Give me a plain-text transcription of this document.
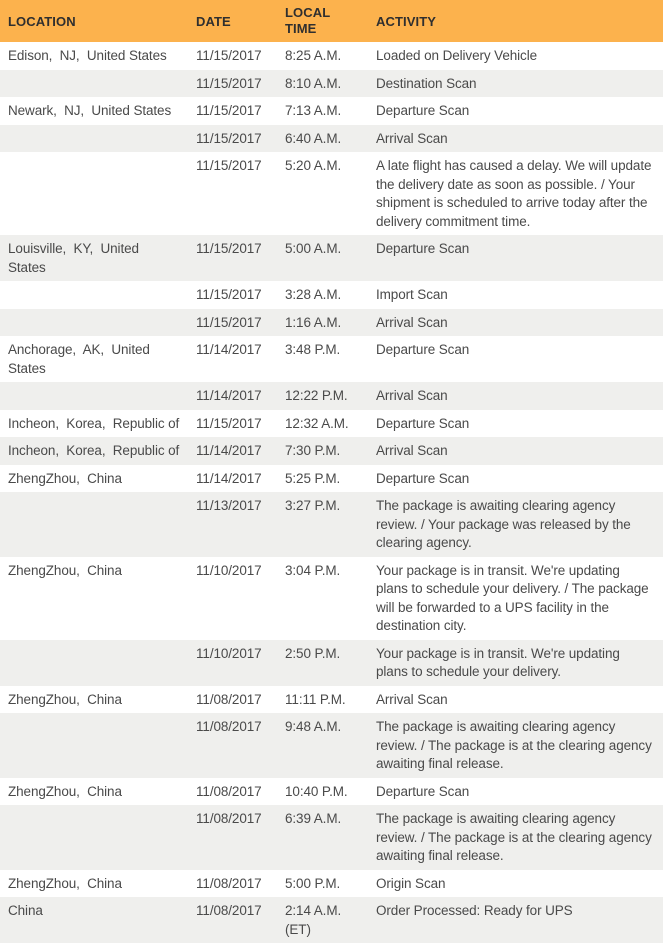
LOCATION	DATE	LOCAL TIME	ACTIVITY
Edison,  NJ,  United States	11/15/2017	8:25 A.M.	Loaded on Delivery Vehicle
	11/15/2017	8:10 A.M.	Destination Scan
Newark,  NJ,  United States	11/15/2017	7:13 A.M.	Departure Scan
	11/15/2017	6:40 A.M.	Arrival Scan
	11/15/2017	5:20 A.M.	A late flight has caused a delay. We will update the delivery date as soon as possible. / Your shipment is scheduled to arrive today after the delivery commitment time.
Louisville,  KY,  United States	11/15/2017	5:00 A.M.	Departure Scan
	11/15/2017	3:28 A.M.	Import Scan
	11/15/2017	1:16 A.M.	Arrival Scan
Anchorage,  AK,  United States	11/14/2017	3:48 P.M.	Departure Scan
	11/14/2017	12:22 P.M.	Arrival Scan
Incheon,  Korea,  Republic of	11/15/2017	12:32 A.M.	Departure Scan
Incheon,  Korea,  Republic of	11/14/2017	7:30 P.M.	Arrival Scan
ZhengZhou,  China	11/14/2017	5:25 P.M.	Departure Scan
	11/13/2017	3:27 P.M.	The package is awaiting clearing agency review. / Your package was released by the clearing agency.
ZhengZhou,  China	11/10/2017	3:04 P.M.	Your package is in transit. We're updating plans to schedule your delivery. / The package will be forwarded to a UPS facility in the destination city.
	11/10/2017	2:50 P.M.	Your package is in transit. We're updating plans to schedule your delivery.
ZhengZhou,  China	11/08/2017	11:11 P.M.	Arrival Scan
	11/08/2017	9:48 A.M.	The package is awaiting clearing agency review. / The package is at the clearing agency awaiting final release.
ZhengZhou,  China	11/08/2017	10:40 P.M.	Departure Scan
	11/08/2017	6:39 A.M.	The package is awaiting clearing agency review. / The package is at the clearing agency awaiting final release.
ZhengZhou,  China	11/08/2017	5:00 P.M.	Origin Scan
China	11/08/2017	2:14 A.M. (ET)	Order Processed: Ready for UPS
